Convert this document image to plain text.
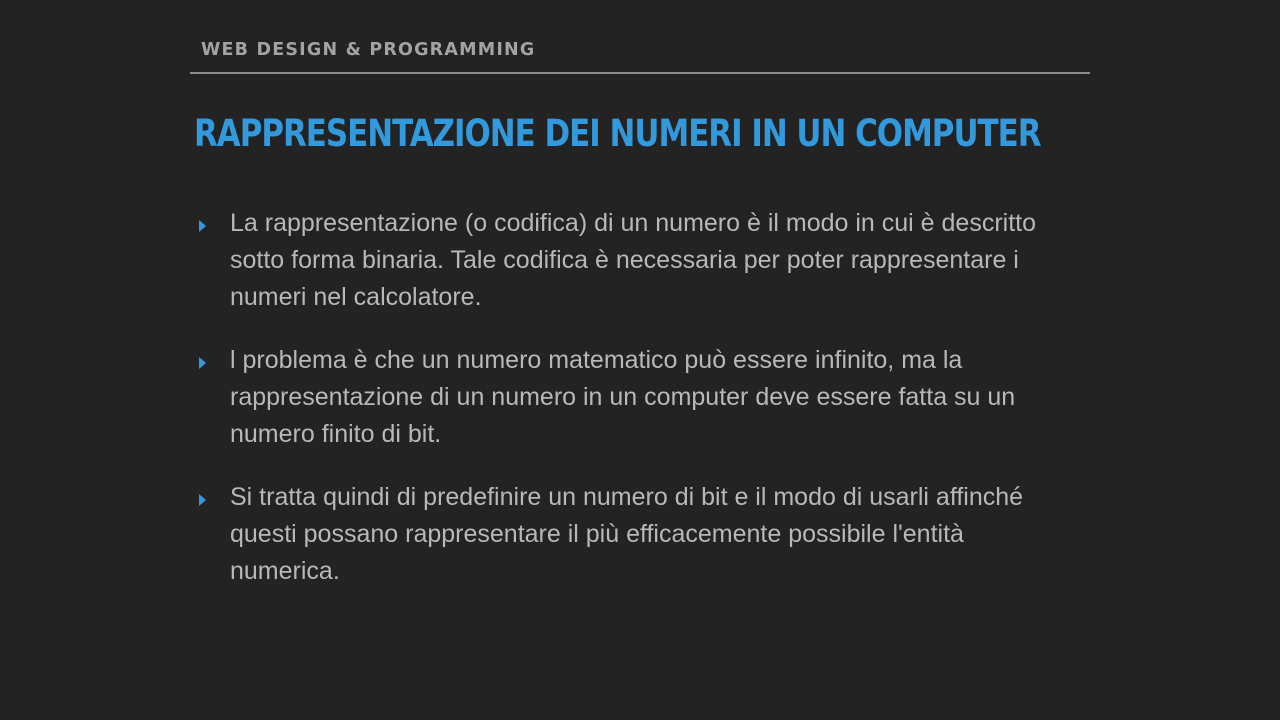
WEB DESIGN & PROGRAMMING
RAPPRESENTAZIONE DEI NUMERI IN UN COMPUTER
La rappresentazione (o codifica) di un numero è il modo in cui è descritto sotto forma binaria. Tale codifica è necessaria per poter rappresentare i numeri nel calcolatore.
l problema è che un numero matematico può essere infinito, ma la rappresentazione di un numero in un computer deve essere fatta su un numero finito di bit.
Si tratta quindi di predefinire un numero di bit e il modo di usarli affinché questi possano rappresentare il più efficacemente possibile l'entità numerica.
